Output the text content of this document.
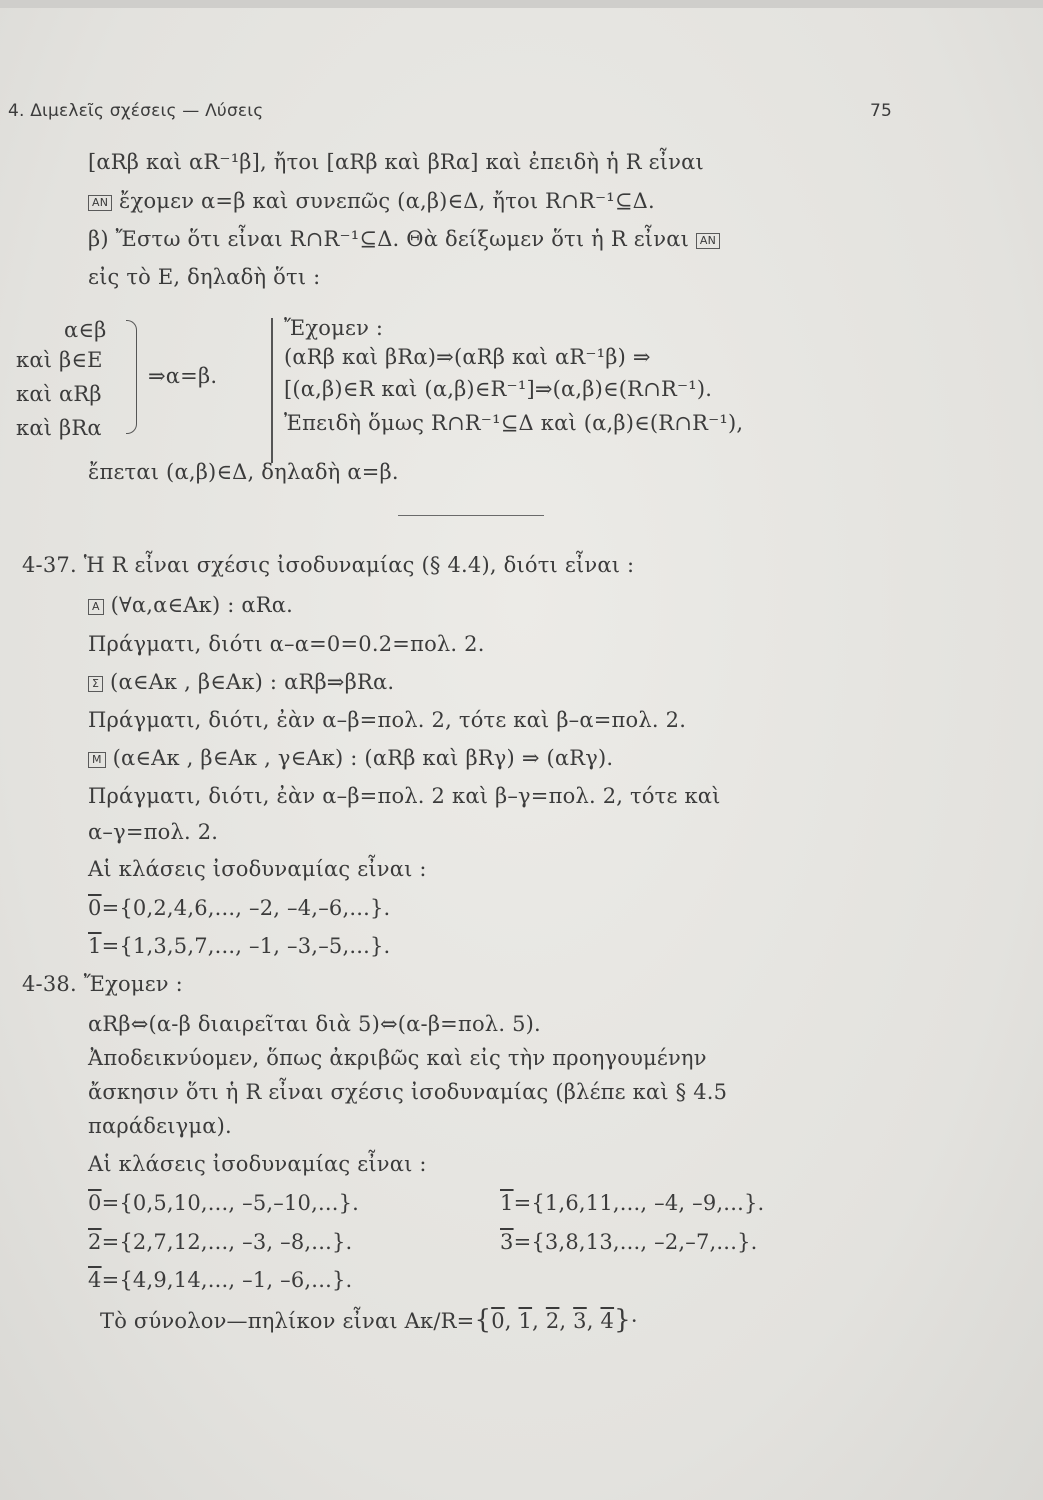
4. Διμελεῖς σχέσεις — Λύσεις	75
[αRβ καὶ αR⁻¹β], ἤτοι [αRβ καὶ βRα] καὶ ἐπειδὴ ἡ R εἶναι
ΑΝ ἔχομεν α=β καὶ συνεπῶς (α,β)∈Δ, ἤτοι R∩R⁻¹⊆Δ.
β) Ἔστω ὅτι εἶναι R∩R⁻¹⊆Δ. Θὰ δείξωμεν ὅτι ἡ R εἶναι ΑΝ
εἰς τὸ Ε, δηλαδὴ ὅτι :
α∈β
καὶ β∈Ε
καὶ αRβ
καὶ βRα
⇒α=β.
Ἔχομεν :
(αRβ καὶ βRα)⇒(αRβ καὶ αR⁻¹β) ⇒
[(α,β)∈R καὶ (α,β)∈R⁻¹]⇒(α,β)∈(R∩R⁻¹).
Ἐπειδὴ ὅμως R∩R⁻¹⊆Δ καὶ (α,β)∈(R∩R⁻¹),
ἔπεται (α,β)∈Δ, δηλαδὴ α=β.
4-37. Ἡ R εἶναι σχέσις ἰσοδυναμίας (§ 4.4), διότι εἶναι :
Α (∀α,α∈Aκ) : αRα.
Πράγματι, διότι α–α=0=0.2=πολ. 2.
Σ (α∈Aκ , β∈Aκ) : αRβ⇒βRα.
Πράγματι, διότι, ἐὰν α–β=πολ. 2, τότε καὶ β–α=πολ. 2.
Μ (α∈Aκ , β∈Aκ , γ∈Aκ) : (αRβ καὶ βRγ) ⇒ (αRγ).
Πράγματι, διότι, ἐὰν α–β=πολ. 2 καὶ β–γ=πολ. 2, τότε καὶ
α–γ=πολ. 2.
Αἱ κλάσεις ἰσοδυναμίας εἶναι :
0={0,2,4,6,..., –2, –4,–6,...}.
1={1,3,5,7,..., –1, –3,–5,...}.
4-38. Ἔχομεν :
αRβ⇔(α-β διαιρεῖται διὰ 5)⇔(α-β=πολ. 5).
Ἀποδεικνύομεν, ὅπως ἀκριβῶς καὶ εἰς τὴν προηγουμένην
ἄσκησιν ὅτι ἡ R εἶναι σχέσις ἰσοδυναμίας (βλέπε καὶ § 4.5
παράδειγμα).
Αἱ κλάσεις ἰσοδυναμίας εἶναι :
0={0,5,10,..., –5,–10,...}.	1={1,6,11,..., –4, –9,...}.
2={2,7,12,..., –3, –8,...}.	3={3,8,13,..., –2,–7,...}.
4={4,9,14,..., –1, –6,...}.
Τὸ σύνολον—πηλίκον εἶναι Aκ/R={0, 1, 2, 3, 4}·
